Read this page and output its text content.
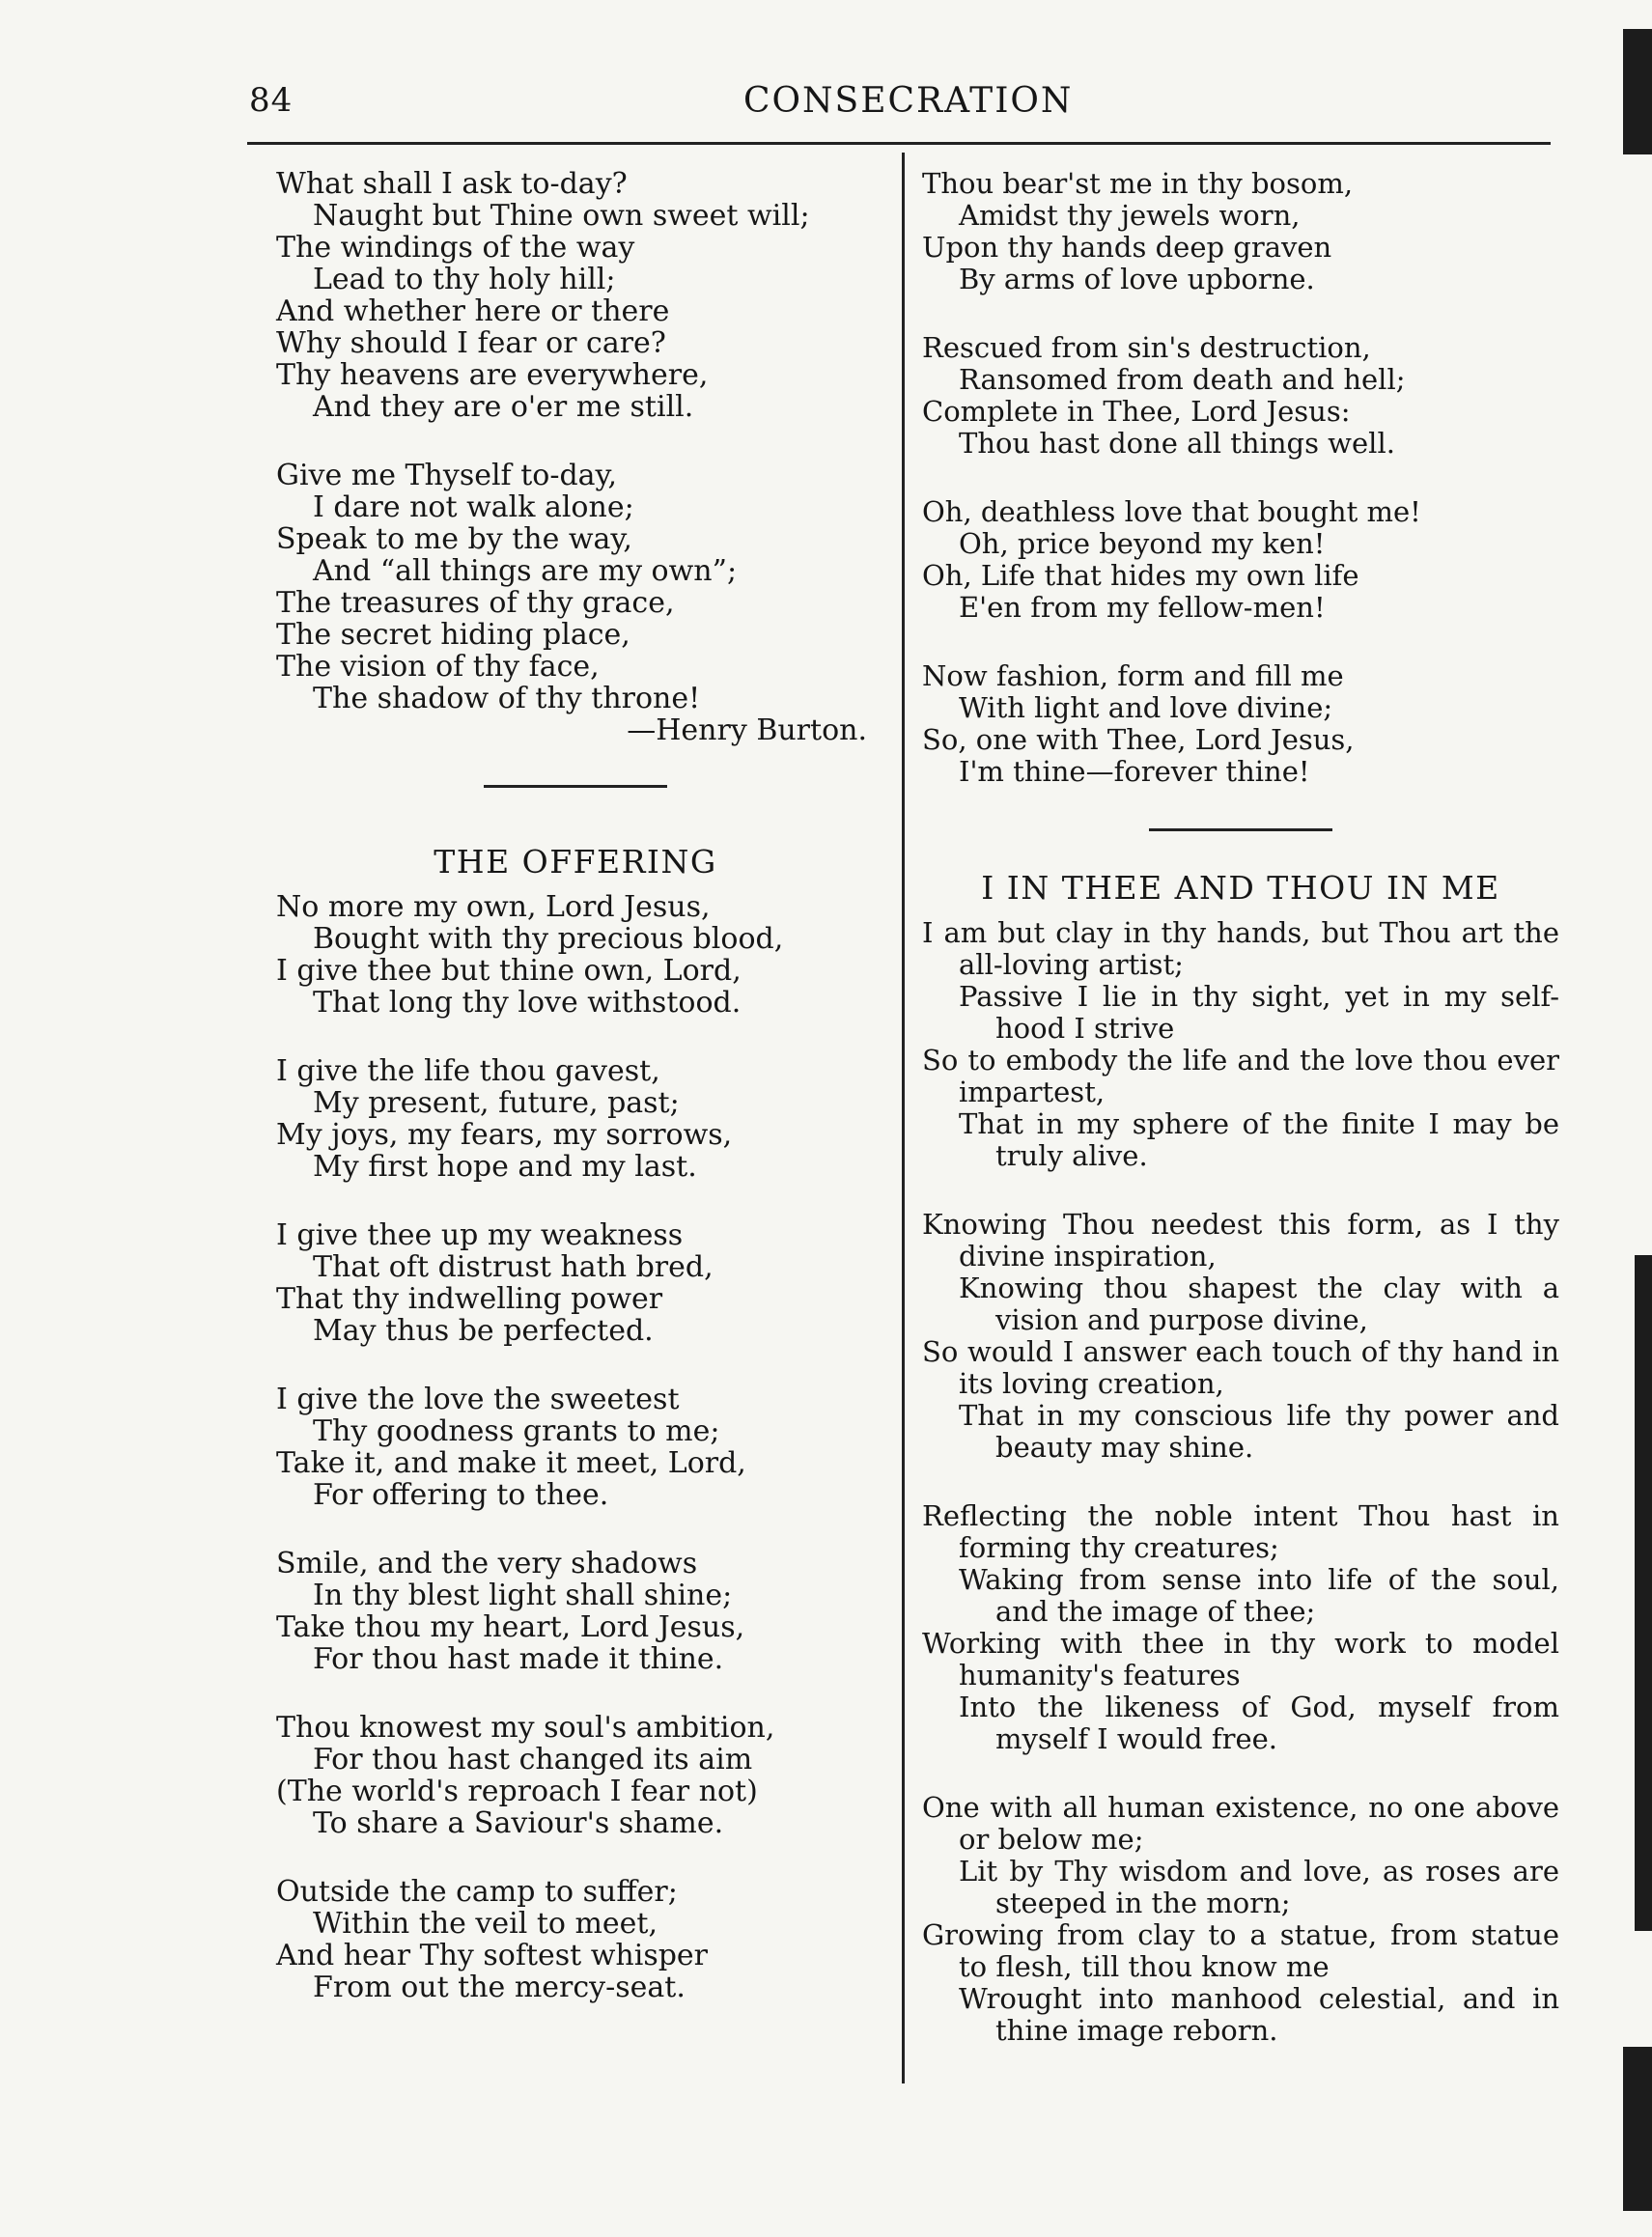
84	CONSECRATION
What shall I ask to-day?
Naught but Thine own sweet will;
The windings of the way
Lead to thy holy hill;
And whether here or there
Why should I fear or care?
Thy heavens are everywhere,
And they are o'er me still.
Give me Thyself to-day,
I dare not walk alone;
Speak to me by the way,
And “all things are my own”;
The treasures of thy grace,
The secret hiding place,
The vision of thy face,
The shadow of thy throne!
—Henry Burton.
THE OFFERING
No more my own, Lord Jesus,
Bought with thy precious blood,
I give thee but thine own, Lord,
That long thy love withstood.
I give the life thou gavest,
My present, future, past;
My joys, my fears, my sorrows,
My first hope and my last.
I give thee up my weakness
That oft distrust hath bred,
That thy indwelling power
May thus be perfected.
I give the love the sweetest
Thy goodness grants to me;
Take it, and make it meet, Lord,
For offering to thee.
Smile, and the very shadows
In thy blest light shall shine;
Take thou my heart, Lord Jesus,
For thou hast made it thine.
Thou knowest my soul's ambition,
For thou hast changed its aim
(The world's reproach I fear not)
To share a Saviour's shame.
Outside the camp to suffer;
Within the veil to meet,
And hear Thy softest whisper
From out the mercy-seat.
Thou bear'st me in thy bosom,
Amidst thy jewels worn,
Upon thy hands deep graven
By arms of love upborne.
Rescued from sin's destruction,
Ransomed from death and hell;
Complete in Thee, Lord Jesus:
Thou hast done all things well.
Oh, deathless love that bought me!
Oh, price beyond my ken!
Oh, Life that hides my own life
E'en from my fellow-men!
Now fashion, form and fill me
With light and love divine;
So, one with Thee, Lord Jesus,
I'm thine—forever thine!
I IN THEE AND THOU IN ME
I am but clay in thy hands, but Thou art the all-loving artist;
Passive I lie in thy sight, yet in my self-hood I strive
So to embody the life and the love thou ever impartest,
That in my sphere of the finite I may be truly alive.
Knowing Thou needest this form, as I thy divine inspiration,
Knowing thou shapest the clay with a vision and purpose divine,
So would I answer each touch of thy hand in its loving creation,
That in my conscious life thy power and beauty may shine.
Reflecting the noble intent Thou hast in forming thy creatures;
Waking from sense into life of the soul, and the image of thee;
Working with thee in thy work to model humanity's features
Into the likeness of God, myself from myself I would free.
One with all human existence, no one above or below me;
Lit by Thy wisdom and love, as roses are steeped in the morn;
Growing from clay to a statue, from statue to flesh, till thou know me
Wrought into manhood celestial, and in thine image reborn.
